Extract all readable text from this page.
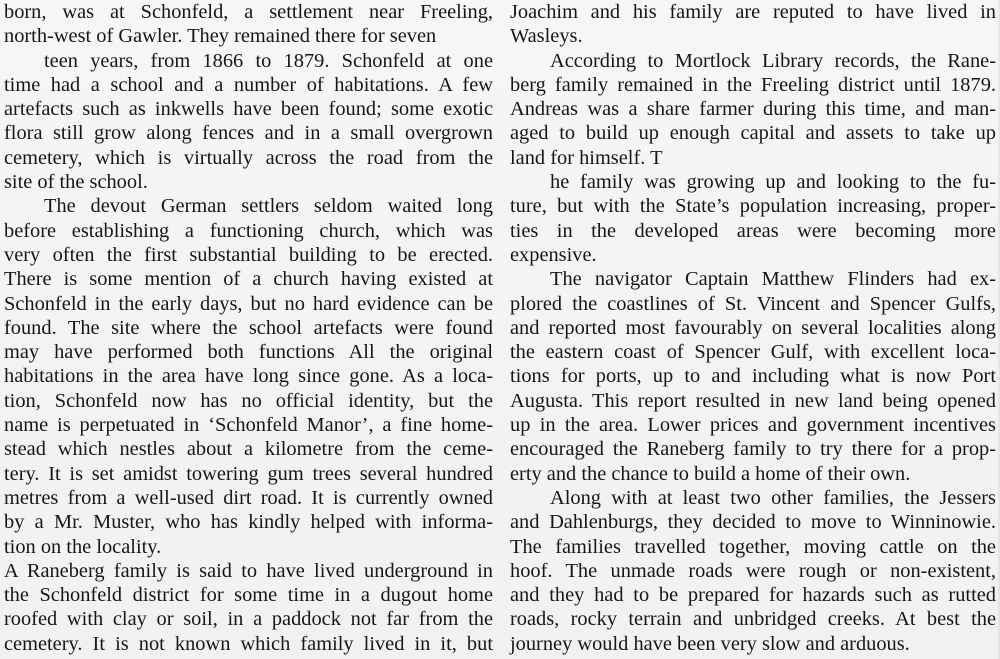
born, was at Schonfeld, a settlement near Freeling,
north-west of Gawler. They remained there for seven
teen years, from 1866 to 1879. Schonfeld at one
time had a school and a number of habitations. A few
artefacts such as inkwells have been found; some exotic
flora still grow along fences and in a small overgrown
cemetery, which is virtually across the road from the
site of the school.
The devout German settlers seldom waited long
before establishing a functioning church, which was
very often the first substantial building to be erected.
There is some mention of a church having existed at
Schonfeld in the early days, but no hard evidence can be
found. The site where the school artefacts were found
may have performed both functions All the original
habitations in the area have long since gone. As a loca-
tion, Schonfeld now has no official identity, but the
name is perpetuated in ‘Schonfeld Manor’, a fine home-
stead which nestles about a kilometre from the ceme-
tery. It is set amidst towering gum trees several hundred
metres from a well-used dirt road. It is currently owned
by a Mr. Muster, who has kindly helped with informa-
tion on the locality.
A Raneberg family is said to have lived underground in
the Schonfeld district for some time in a dugout home
roofed with clay or soil, in a paddock not far from the
cemetery. It is not known which family lived in it, but
Joachim and his family are reputed to have lived in
Wasleys.
According to Mortlock Library records, the Rane-
berg family remained in the Freeling district until 1879.
Andreas was a share farmer during this time, and man-
aged to build up enough capital and assets to take up
land for himself. T
he family was growing up and looking to the fu-
ture, but with the State’s population increasing, proper-
ties in the developed areas were becoming more
expensive.
The navigator Captain Matthew Flinders had ex-
plored the coastlines of St. Vincent and Spencer Gulfs,
and reported most favourably on several localities along
the eastern coast of Spencer Gulf, with excellent loca-
tions for ports, up to and including what is now Port
Augusta. This report resulted in new land being opened
up in the area. Lower prices and government incentives
encouraged the Raneberg family to try there for a prop-
erty and the chance to build a home of their own.
Along with at least two other families, the Jessers
and Dahlenburgs, they decided to move to Winninowie.
The families travelled together, moving cattle on the
hoof. The unmade roads were rough or non-existent,
and they had to be prepared for hazards such as rutted
roads, rocky terrain and unbridged creeks. At best the
journey would have been very slow and arduous.
